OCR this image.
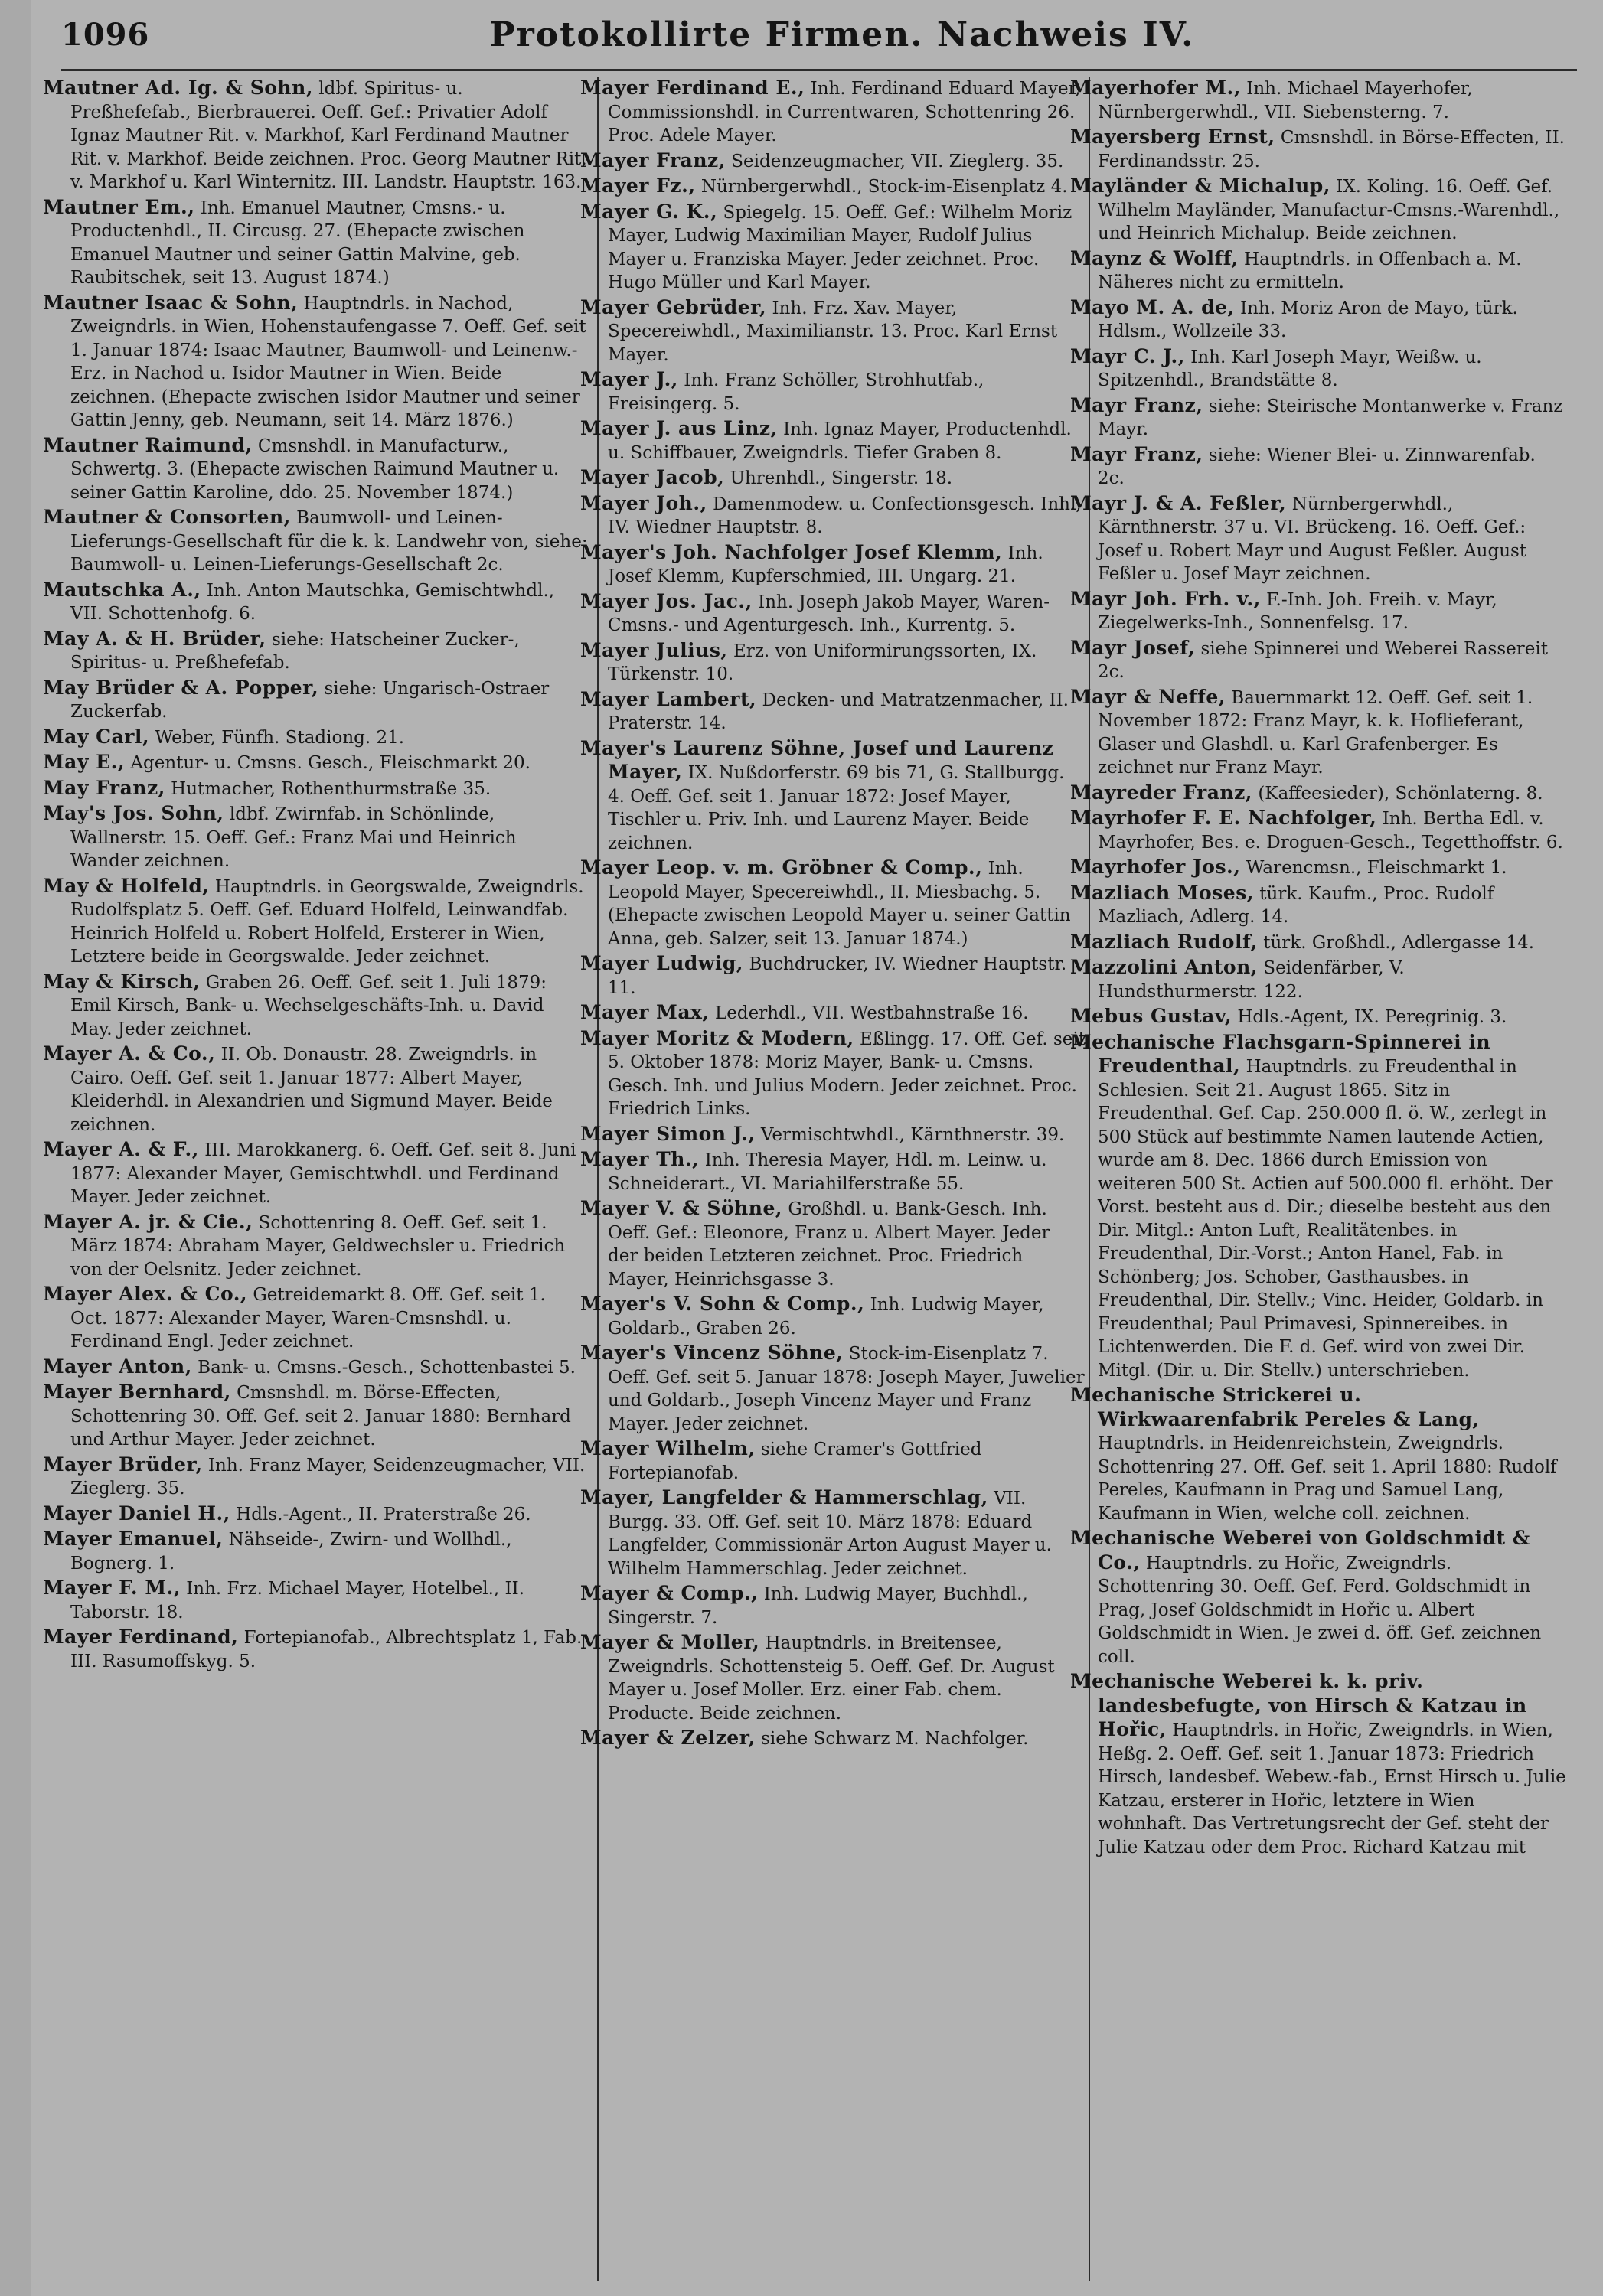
1096	Protokollirte Firmen. Nachweis IV.

Mautner Ad. Ig. & Sohn, ldbf. Spiritus- u. Preßhefefab., Bierbrauerei. Oeff. Gef.: Privatier Adolf Ignaz Mautner Rit. v. Markhof, Karl Ferdinand Mautner Rit. v. Markhof. Beide zeichnen. Proc. Georg Mautner Rit. v. Markhof u. Karl Winternitz. III. Landstr. Hauptstr. 163.

Mautner Em., Inh. Emanuel Mautner, Cmsns.- u. Productenhdl., II. Circusg. 27. (Ehepacte zwischen Emanuel Mautner und seiner Gattin Malvine, geb. Raubitschek, seit 13. August 1874.)

Mautner Isaac & Sohn, Hauptndrls. in Nachod, Zweigndrls. in Wien, Hohenstaufengasse 7. Oeff. Gef. seit 1. Januar 1874: Isaac Mautner, Baumwoll- und Leinenw.-Erz. in Nachod u. Isidor Mautner in Wien. Beide zeichnen. (Ehepacte zwischen Isidor Mautner und seiner Gattin Jenny, geb. Neumann, seit 14. März 1876.)

Mautner Raimund, Cmsnshdl. in Manufacturw., Schwertg. 3. (Ehepacte zwischen Raimund Mautner u. seiner Gattin Karoline, ddo. 25. November 1874.)

Mautner & Consorten, Baumwoll- und Leinen-Lieferungs-Gesellschaft für die k. k. Landwehr von, siehe: Baumwoll- u. Leinen-Lieferungs-Gesellschaft 2c.

Mautschka A., Inh. Anton Mautschka, Gemischtwhdl., VII. Schottenhofg. 6.

May A. & H. Brüder, siehe: Hatscheiner Zucker-, Spiritus- u. Preßhefefab.

May Brüder & A. Popper, siehe: Ungarisch-Ostraer Zuckerfab.

May Carl, Weber, Fünfh. Stadiong. 21.

May E., Agentur- u. Cmsns. Gesch., Fleischmarkt 20.

May Franz, Hutmacher, Rothenthurmstraße 35.

May's Jos. Sohn, ldbf. Zwirnfab. in Schönlinde, Wallnerstr. 15. Oeff. Gef.: Franz Mai und Heinrich Wander zeichnen.

May & Holfeld, Hauptndrls. in Georgswalde, Zweigndrls. Rudolfsplatz 5. Oeff. Gef. Eduard Holfeld, Leinwandfab. Heinrich Holfeld u. Robert Holfeld, Ersterer in Wien, Letztere beide in Georgswalde. Jeder zeichnet.

May & Kirsch, Graben 26. Oeff. Gef. seit 1. Juli 1879: Emil Kirsch, Bank- u. Wechselgeschäfts-Inh. u. David May. Jeder zeichnet.

Mayer A. & Co., II. Ob. Donaustr. 28. Zweigndrls. in Cairo. Oeff. Gef. seit 1. Januar 1877: Albert Mayer, Kleiderhdl. in Alexandrien und Sigmund Mayer. Beide zeichnen.

Mayer A. & F., III. Marokkanerg. 6. Oeff. Gef. seit 8. Juni 1877: Alexander Mayer, Gemischtwhdl. und Ferdinand Mayer. Jeder zeichnet.

Mayer A. jr. & Cie., Schottenring 8. Oeff. Gef. seit 1. März 1874: Abraham Mayer, Geldwechsler u. Friedrich von der Oelsnitz. Jeder zeichnet.

Mayer Alex. & Co., Getreidemarkt 8. Off. Gef. seit 1. Oct. 1877: Alexander Mayer, Waren-Cmsnshdl. u. Ferdinand Engl. Jeder zeichnet.

Mayer Anton, Bank- u. Cmsns.-Gesch., Schottenbastei 5.

Mayer Bernhard, Cmsnshdl. m. Börse-Effecten, Schottenring 30. Off. Gef. seit 2. Januar 1880: Bernhard und Arthur Mayer. Jeder zeichnet.

Mayer Brüder, Inh. Franz Mayer, Seidenzeugmacher, VII. Zieglerg. 35.

Mayer Daniel H., Hdls.-Agent., II. Praterstraße 26.

Mayer Emanuel, Nähseide-, Zwirn- und Wollhdl., Bognerg. 1.

Mayer F. M., Inh. Frz. Michael Mayer, Hotelbel., II. Taborstr. 18.

Mayer Ferdinand, Fortepianofab., Albrechtsplatz 1, Fab. III. Rasumoffskyg. 5.

Mayer Ferdinand E., Inh. Ferdinand Eduard Mayer, Commissionshdl. in Currentwaren, Schottenring 26. Proc. Adele Mayer.

Mayer Franz, Seidenzeugmacher, VII. Zieglerg. 35.

Mayer Fz., Nürnbergerwhdl., Stock-im-Eisenplatz 4.

Mayer G. K., Spiegelg. 15. Oeff. Gef.: Wilhelm Moriz Mayer, Ludwig Maximilian Mayer, Rudolf Julius Mayer u. Franziska Mayer. Jeder zeichnet. Proc. Hugo Müller und Karl Mayer.

Mayer Gebrüder, Inh. Frz. Xav. Mayer, Specereiwhdl., Maximilianstr. 13. Proc. Karl Ernst Mayer.

Mayer J., Inh. Franz Schöller, Strohhutfab., Freisingerg. 5.

Mayer J. aus Linz, Inh. Ignaz Mayer, Productenhdl. u. Schiffbauer, Zweigndrls. Tiefer Graben 8.

Mayer Jacob, Uhrenhdl., Singerstr. 18.

Mayer Joh., Damenmodew. u. Confectionsgesch. Inh., IV. Wiedner Hauptstr. 8.

Mayer's Joh. Nachfolger Josef Klemm, Inh. Josef Klemm, Kupferschmied, III. Ungarg. 21.

Mayer Jos. Jac., Inh. Joseph Jakob Mayer, Waren-Cmsns.- und Agenturgesch. Inh., Kurrentg. 5.

Mayer Julius, Erz. von Uniformirungssorten, IX. Türkenstr. 10.

Mayer Lambert, Decken- und Matratzenmacher, II. Praterstr. 14.

Mayer's Laurenz Söhne, Josef und Laurenz Mayer, IX. Nußdorferstr. 69 bis 71, G. Stallburgg. 4. Oeff. Gef. seit 1. Januar 1872: Josef Mayer, Tischler u. Priv. Inh. und Laurenz Mayer. Beide zeichnen.

Mayer Leop. v. m. Gröbner & Comp., Inh. Leopold Mayer, Specereiwhdl., II. Miesbachg. 5. (Ehepacte zwischen Leopold Mayer u. seiner Gattin Anna, geb. Salzer, seit 13. Januar 1874.)

Mayer Ludwig, Buchdrucker, IV. Wiedner Hauptstr. 11.

Mayer Max, Lederhdl., VII. Westbahnstraße 16.

Mayer Moritz & Modern, Eßlingg. 17. Off. Gef. seit 5. Oktober 1878: Moriz Mayer, Bank- u. Cmsns. Gesch. Inh. und Julius Modern. Jeder zeichnet. Proc. Friedrich Links.

Mayer Simon J., Vermischtwhdl., Kärnthnerstr. 39.

Mayer Th., Inh. Theresia Mayer, Hdl. m. Leinw. u. Schneiderart., VI. Mariahilferstraße 55.

Mayer V. & Söhne, Großhdl. u. Bank-Gesch. Inh. Oeff. Gef.: Eleonore, Franz u. Albert Mayer. Jeder der beiden Letzteren zeichnet. Proc. Friedrich Mayer, Heinrichsgasse 3.

Mayer's V. Sohn & Comp., Inh. Ludwig Mayer, Goldarb., Graben 26.

Mayer's Vincenz Söhne, Stock-im-Eisenplatz 7. Oeff. Gef. seit 5. Januar 1878: Joseph Mayer, Juwelier und Goldarb., Joseph Vincenz Mayer und Franz Mayer. Jeder zeichnet.

Mayer Wilhelm, siehe Cramer's Gottfried Fortepianofab.

Mayer, Langfelder & Hammerschlag, VII. Burgg. 33. Off. Gef. seit 10. März 1878: Eduard Langfelder, Commissionär Arton August Mayer u. Wilhelm Hammerschlag. Jeder zeichnet.

Mayer & Comp., Inh. Ludwig Mayer, Buchhdl., Singerstr. 7.

Mayer & Moller, Hauptndrls. in Breitensee, Zweigndrls. Schottensteig 5. Oeff. Gef. Dr. August Mayer u. Josef Moller. Erz. einer Fab. chem. Producte. Beide zeichnen.

Mayer & Zelzer, siehe Schwarz M. Nachfolger.

Mayerhofer M., Inh. Michael Mayerhofer, Nürnbergerwhdl., VII. Siebensterng. 7.

Mayersberg Ernst, Cmsnshdl. in Börse-Effecten, II. Ferdinandsstr. 25.

Mayländer & Michalup, IX. Koling. 16. Oeff. Gef. Wilhelm Mayländer, Manufactur-Cmsns.-Warenhdl., und Heinrich Michalup. Beide zeichnen.

Maynz & Wolff, Hauptndrls. in Offenbach a. M. Näheres nicht zu ermitteln.

Mayo M. A. de, Inh. Moriz Aron de Mayo, türk. Hdlsm., Wollzeile 33.

Mayr C. J., Inh. Karl Joseph Mayr, Weißw. u. Spitzenhdl., Brandstätte 8.

Mayr Franz, siehe: Steirische Montanwerke v. Franz Mayr.

Mayr Franz, siehe: Wiener Blei- u. Zinnwarenfab. 2c.

Mayr J. & A. Feßler, Nürnbergerwhdl., Kärnthnerstr. 37 u. VI. Brückeng. 16. Oeff. Gef.: Josef u. Robert Mayr und August Feßler. August Feßler u. Josef Mayr zeichnen.

Mayr Joh. Frh. v., F.-Inh. Joh. Freih. v. Mayr, Ziegelwerks-Inh., Sonnenfelsg. 17.

Mayr Josef, siehe Spinnerei und Weberei Rassereit 2c.

Mayr & Neffe, Bauernmarkt 12. Oeff. Gef. seit 1. November 1872: Franz Mayr, k. k. Hoflieferant, Glaser und Glashdl. u. Karl Grafenberger. Es zeichnet nur Franz Mayr.

Mayreder Franz, (Kaffeesieder), Schönlaterng. 8.

Mayrhofer F. E. Nachfolger, Inh. Bertha Edl. v. Mayrhofer, Bes. e. Droguen-Gesch., Tegetthoffstr. 6.

Mayrhofer Jos., Warencmsn., Fleischmarkt 1.

Mazliach Moses, türk. Kaufm., Proc. Rudolf Mazliach, Adlerg. 14.

Mazliach Rudolf, türk. Großhdl., Adlergasse 14.

Mazzolini Anton, Seidenfärber, V. Hundsthurmerstr. 122.

Mebus Gustav, Hdls.-Agent, IX. Peregrinig. 3.

Mechanische Flachsgarn-Spinnerei in Freudenthal, Hauptndrls. zu Freudenthal in Schlesien. Seit 21. August 1865. Sitz in Freudenthal. Gef. Cap. 250.000 fl. ö. W., zerlegt in 500 Stück auf bestimmte Namen lautende Actien, wurde am 8. Dec. 1866 durch Emission von weiteren 500 St. Actien auf 500.000 fl. erhöht. Der Vorst. besteht aus d. Dir.; dieselbe besteht aus den Dir. Mitgl.: Anton Luft, Realitätenbes. in Freudenthal, Dir.-Vorst.; Anton Hanel, Fab. in Schönberg; Jos. Schober, Gasthausbes. in Freudenthal, Dir. Stellv.; Vinc. Heider, Goldarb. in Freudenthal; Paul Primavesi, Spinnereibes. in Lichtenwerden. Die F. d. Gef. wird von zwei Dir. Mitgl. (Dir. u. Dir. Stellv.) unterschrieben.

Mechanische Strickerei u. Wirkwaarenfabrik Pereles & Lang, Hauptndrls. in Heidenreichstein, Zweigndrls. Schottenring 27. Off. Gef. seit 1. April 1880: Rudolf Pereles, Kaufmann in Prag und Samuel Lang, Kaufmann in Wien, welche coll. zeichnen.

Mechanische Weberei von Goldschmidt & Co., Hauptndrls. zu Hořic, Zweigndrls. Schottenring 30. Oeff. Gef. Ferd. Goldschmidt in Prag, Josef Goldschmidt in Hořic u. Albert Goldschmidt in Wien. Je zwei d. öff. Gef. zeichnen coll.

Mechanische Weberei k. k. priv. landesbefugte, von Hirsch & Katzau in Hořic, Hauptndrls. in Hořic, Zweigndrls. in Wien, Heßg. 2. Oeff. Gef. seit 1. Januar 1873: Friedrich Hirsch, landesbef. Webew.-fab., Ernst Hirsch u. Julie Katzau, ersterer in Hořic, letztere in Wien wohnhaft. Das Vertretungsrecht der Gef. steht der Julie Katzau oder dem Proc. Richard Katzau mit
